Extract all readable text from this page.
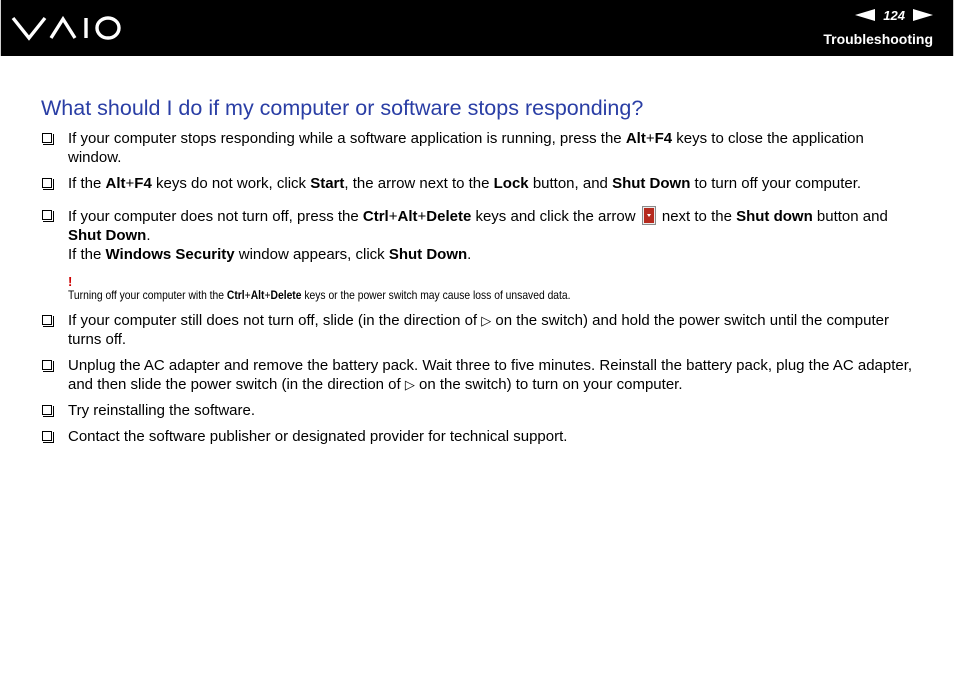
124
Troubleshooting
What should I do if my computer or software stops responding?
If your computer stops responding while a software application is running, press the Alt+F4 keys to close the application window.
If the Alt+F4 keys do not work, click Start, the arrow next to the Lock button, and Shut Down to turn off your computer.
If your computer does not turn off, press the Ctrl+Alt+Delete keys and click the arrow  next to the Shut down button and Shut Down.
If the Windows Security window appears, click Shut Down.
!
Turning off your computer with the Ctrl+Alt+Delete keys or the power switch may cause loss of unsaved data.
If your computer still does not turn off, slide (in the direction of ▷ on the switch) and hold the power switch until the computer turns off.
Unplug the AC adapter and remove the battery pack. Wait three to five minutes. Reinstall the battery pack, plug the AC adapter, and then slide the power switch (in the direction of ▷ on the switch) to turn on your computer.
Try reinstalling the software.
Contact the software publisher or designated provider for technical support.
